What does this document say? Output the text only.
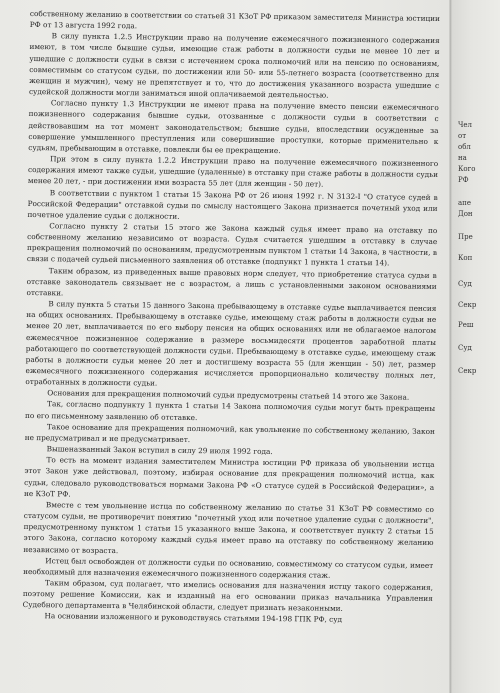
собственному желанию в соответствии со статьей 31 КЗоТ РФ приказом заместителя Министра юстиции РФ от 13 августа 1992 года.

В силу пункта 1.2.5 Инструкции право на получение ежемесячного пожизненного содержания имеют, в том числе бывшие судьи, имеющие стаж работы в должности судьи не менее 10 лет и ушедшие с должности судьи в связи с истечением срока полномочий или на пенсию по основаниям, совместимым со статусом судьи, по достижении или 50- или 55-летнего возраста (соответственно для женщин и мужчин), чему не препятствует и то, что до достижения указанного возраста ушедшие с судейской должности могли заниматься иной оплачиваемой деятельностью.

Согласно пункту 1.3 Инструкции не имеют права на получение вместо пенсии ежемесячного пожизненного содержания бывшие судьи, отозванные с должности судьи в соответствии с действовавшим на тот момент законодательством; бывшие судьи, впоследствии осужденные за совершение умышленного преступления или совершившие проступки, которые применительно к судьям, пребывающим в отставке, повлекли бы ее прекращение.

При этом в силу пункта 1.2.2 Инструкции право на получение ежемесячного пожизненного содержания имеют также судьи, ушедшие (удаленные) в отставку при стаже работы в должности судьи менее 20 лет, - при достижении ими возраста 55 лет (для женщин - 50 лет).

В соответствии с пунктом 1 статьи 15 Закона РФ от 26 июня 1992 г. N 3132-I "О статусе судей в Российской Федерации" отставкой судьи по смыслу настоящего Закона признается почетный уход или почетное удаление судьи с должности.

Согласно пункту 2 статьи 15 этого же Закона каждый судья имеет право на отставку по собственному желанию независимо от возраста. Судья считается ушедшим в отставку в случае прекращения полномочий по основаниям, предусмотренным пунктом 1 статьи 14 Закона, в частности, в связи с подачей судьей письменного заявления об отставке (подпункт 1 пункта 1 статьи 14).

Таким образом, из приведенных выше правовых норм следует, что приобретение статуса судьи в отставке законодатель связывает не с возрастом, а лишь с установленными законом основаниями отставки.

В силу пункта 5 статьи 15 данного Закона пребывающему в отставке судье выплачивается пенсия на общих основаниях. Пребывающему в отставке судье, имеющему стаж работы в должности судьи не менее 20 лет, выплачивается по его выбору пенсия на общих основаниях или не облагаемое налогом ежемесячное пожизненное содержание в размере восьмидесяти процентов заработной платы работающего по соответствующей должности судьи. Пребывающему в отставке судье, имеющему стаж работы в должности судьи менее 20 лет и достигшему возраста 55 (для женщин - 50) лет, размер ежемесячного пожизненного содержания исчисляется пропорционально количеству полных лет, отработанных в должности судьи.

Основания для прекращения полномочий судьи предусмотрены статьей 14 этого же Закона.

Так, согласно подпункту 1 пункта 1 статьи 14 Закона полномочия судьи могут быть прекращены по его письменному заявлению об отставке.

Такое основание для прекращения полномочий, как увольнение по собственному желанию, Закон не предусматривал и не предусматривает.

Вышеназванный Закон вступил в силу 29 июля 1992 года.

То есть на момент издания заместителем Министра юстиции РФ приказа об увольнении истца этот Закон уже действовал, поэтому, избирая основание для прекращения полномочий истца, как судьи, следовало руководствоваться нормами Закона РФ «О статусе судей в Российской Федерации», а не КЗоТ РФ.

Вместе с тем увольнение истца по собственному желанию по статье 31 КЗоТ РФ совместимо со статусом судьи, не противоречит понятию "почетный уход или почетное удаление судьи с должности", предусмотренному пунктом 1 статьи 15 указанного выше Закона, и соответствует пункту 2 статьи 15 этого Закона, согласно которому каждый судья имеет право на отставку по собственному желанию независимо от возраста.

Истец был освобожден от должности судьи по основанию, совместимому со статусом судьи, имеет необходимый для назначения ежемесячного пожизненного содержания стаж.

Таким образом, суд полагает, что имелись основания для назначения истцу такого содержания, поэтому решение Комиссии, как и изданный на его основании приказ начальника Управления Судебного департамента в Челябинской области, следует признать незаконными.

На основании изложенного и руководствуясь статьями 194-198 ГПК РФ, суд

Чел
от
обл
на
Кого
РФ
апе
Дон
Пре
Коп
Суд
Секр
Реш
Суд
Секр
